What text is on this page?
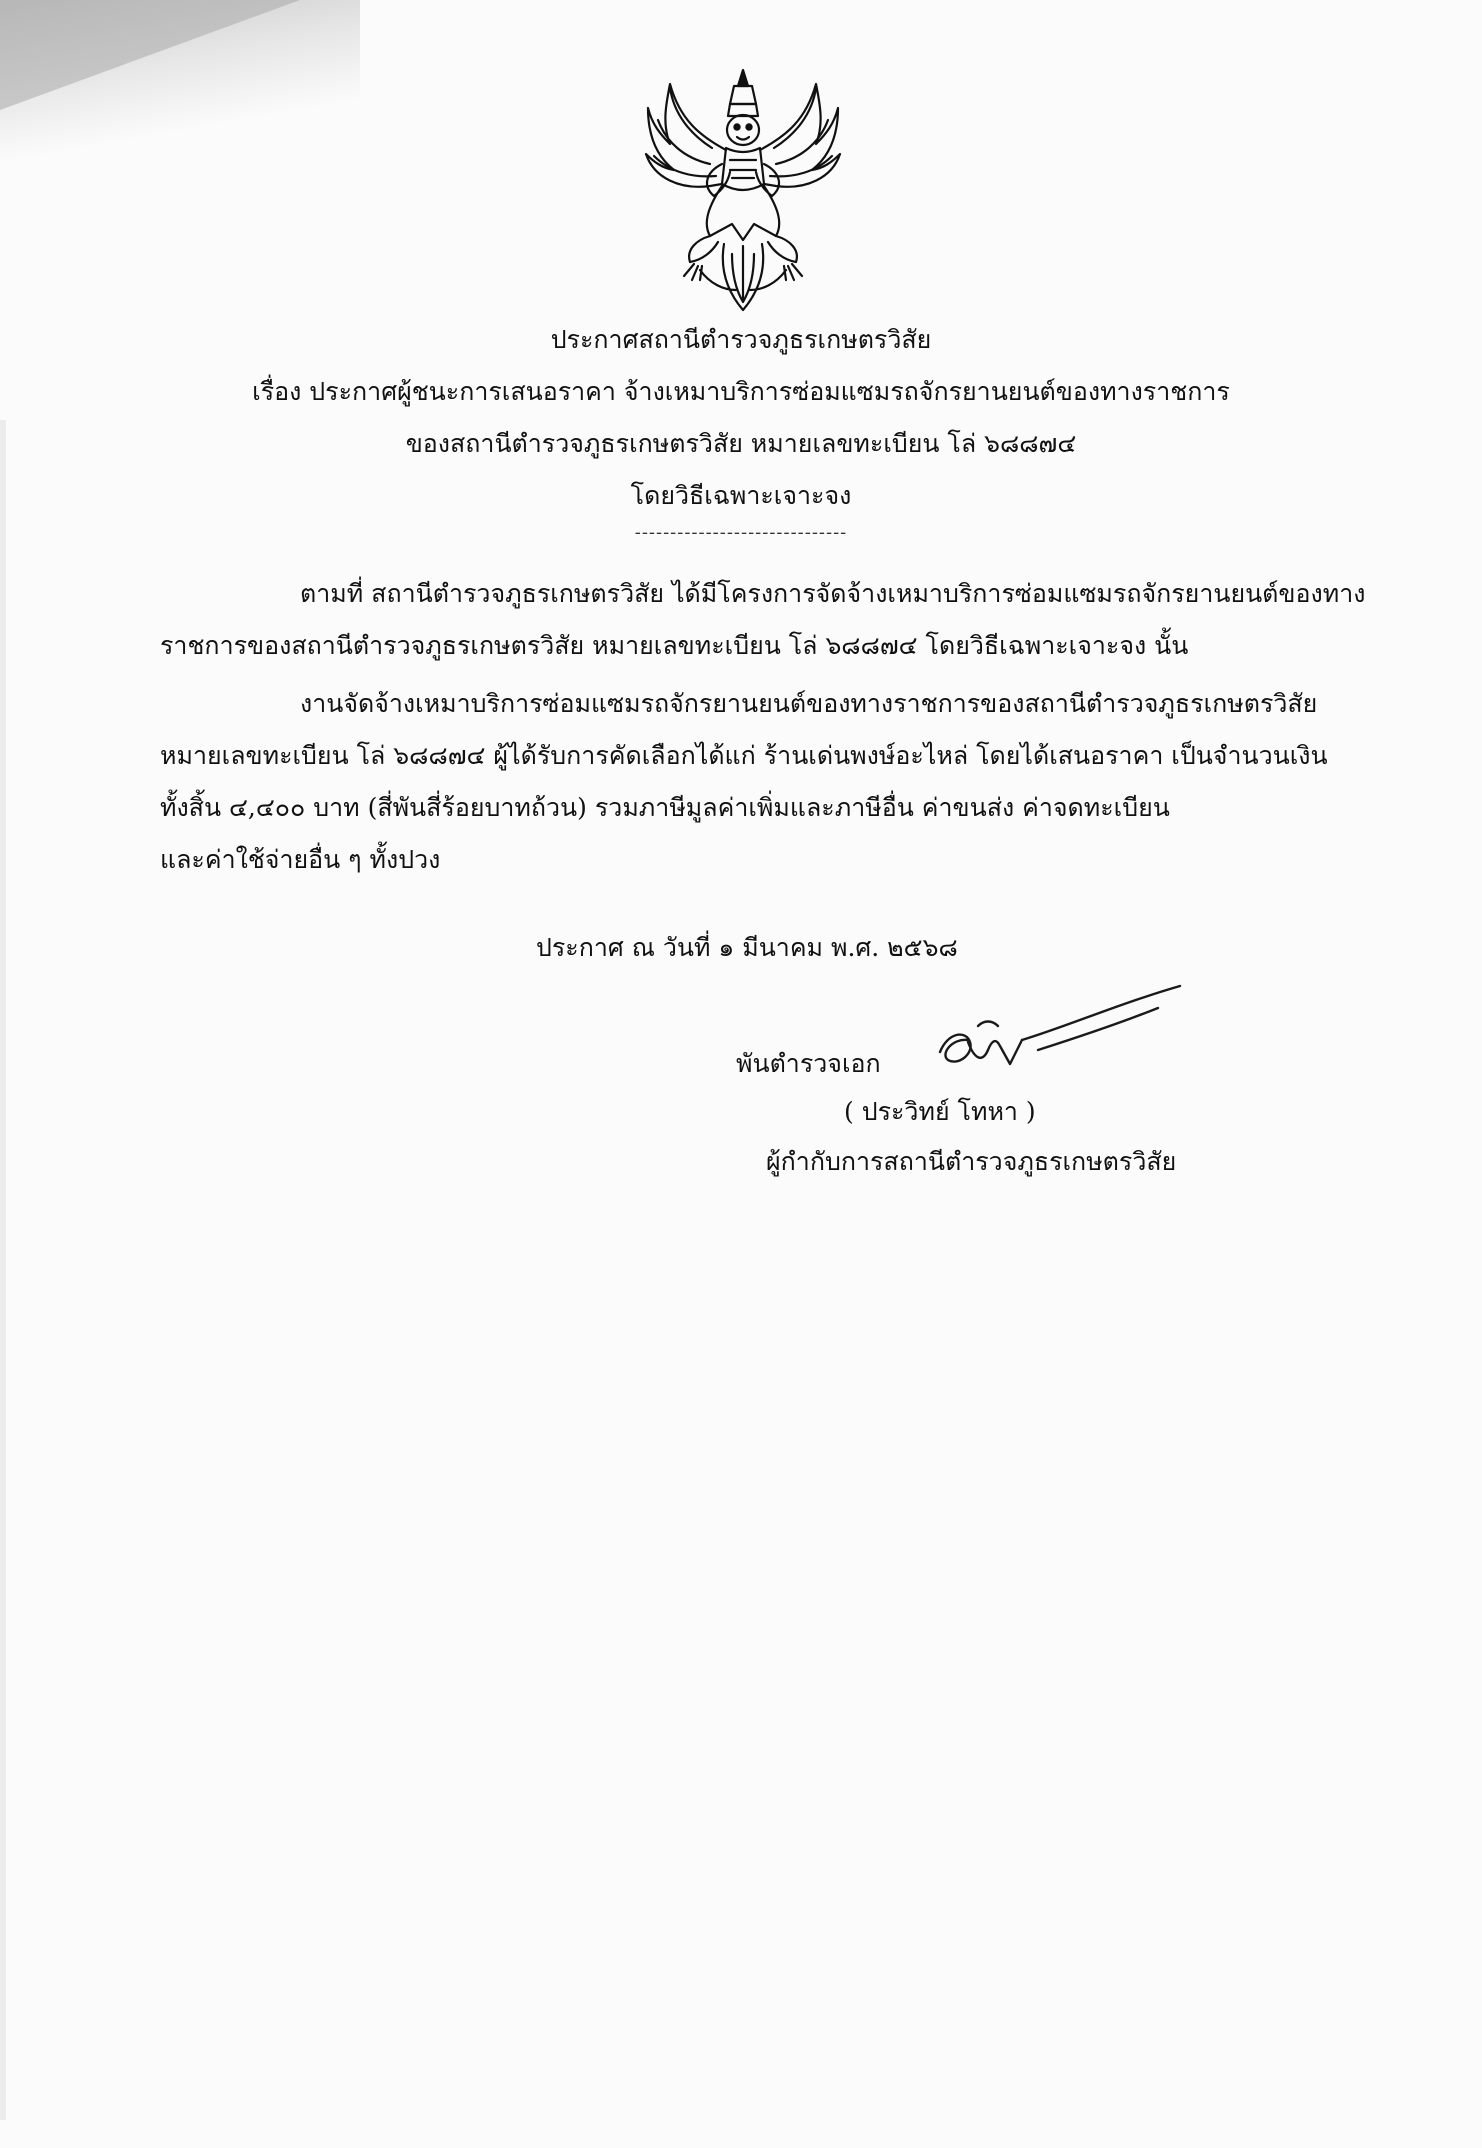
ประกาศสถานีตำรวจภูธรเกษตรวิสัย
เรื่อง ประกาศผู้ชนะการเสนอราคา จ้างเหมาบริการซ่อมแซมรถจักรยานยนต์ของทางราชการ
ของสถานีตำรวจภูธรเกษตรวิสัย หมายเลขทะเบียน โล่ ๖๘๘๗๔
โดยวิธีเฉพาะเจาะจง
------------------------------
ตามที่ สถานีตำรวจภูธรเกษตรวิสัย ได้มีโครงการจัดจ้างเหมาบริการซ่อมแซมรถจักรยานยนต์ของทาง
ราชการของสถานีตำรวจภูธรเกษตรวิสัย หมายเลขทะเบียน โล่ ๖๘๘๗๔ โดยวิธีเฉพาะเจาะจง นั้น
งานจัดจ้างเหมาบริการซ่อมแซมรถจักรยานยนต์ของทางราชการของสถานีตำรวจภูธรเกษตรวิสัย
หมายเลขทะเบียน โล่ ๖๘๘๗๔ ผู้ได้รับการคัดเลือกได้แก่ ร้านเด่นพงษ์อะไหล่ โดยได้เสนอราคา เป็นจำนวนเงิน
ทั้งสิ้น ๔,๔๐๐ บาท (สี่พันสี่ร้อยบาทถ้วน) รวมภาษีมูลค่าเพิ่มและภาษีอื่น ค่าขนส่ง ค่าจดทะเบียน
และค่าใช้จ่ายอื่น ๆ ทั้งปวง
ประกาศ ณ วันที่ ๑ มีนาคม พ.ศ. ๒๕๖๘
พันตำรวจเอก
( ประวิทย์ โทหา )
ผู้กำกับการสถานีตำรวจภูธรเกษตรวิสัย
